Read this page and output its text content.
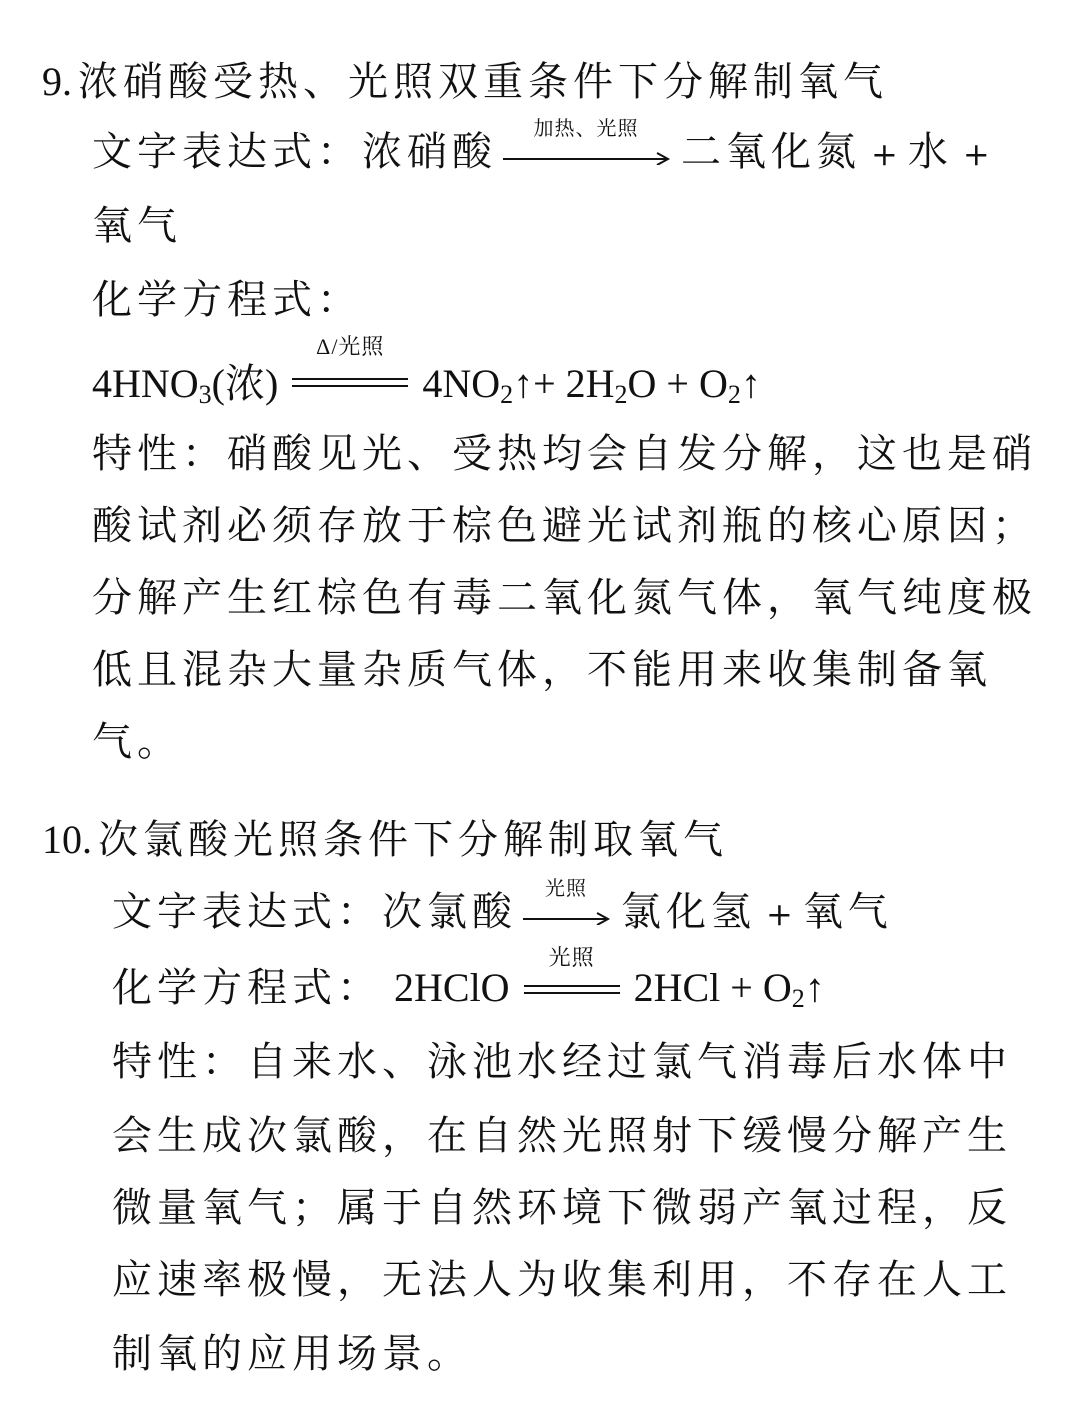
9. 浓硝酸受热、光照双重条件下分解制氧气
文字表达式：浓硝酸
加热、光照
二氧化氮 + 水 +
氧气
化学方程式：
$4HNO_3$(浓)
Δ/光照
$4NO_2↑+ 2H_2O$ + $O_2↑$
特性：硝酸见光、受热均会自发分解，这也是硝
酸试剂必须存放于棕色避光试剂瓶的核心原因；
分解产生红棕色有毒二氧化氮气体，氧气纯度极
低且混杂大量杂质气体，不能用来收集制备氧
气。
10. 次氯酸光照条件下分解制取氧气
文字表达式：次氯酸
光照
氯化氢 + 氧气
化学方程式： 2HClO
光照
$2HCl + O_2↑$
特性：自来水、泳池水经过氯气消毒后水体中
会生成次氯酸，在自然光照射下缓慢分解产生
微量氧气；属于自然环境下微弱产氧过程，反
应速率极慢，无法人为收集利用，不存在人工
制氧的应用场景。
